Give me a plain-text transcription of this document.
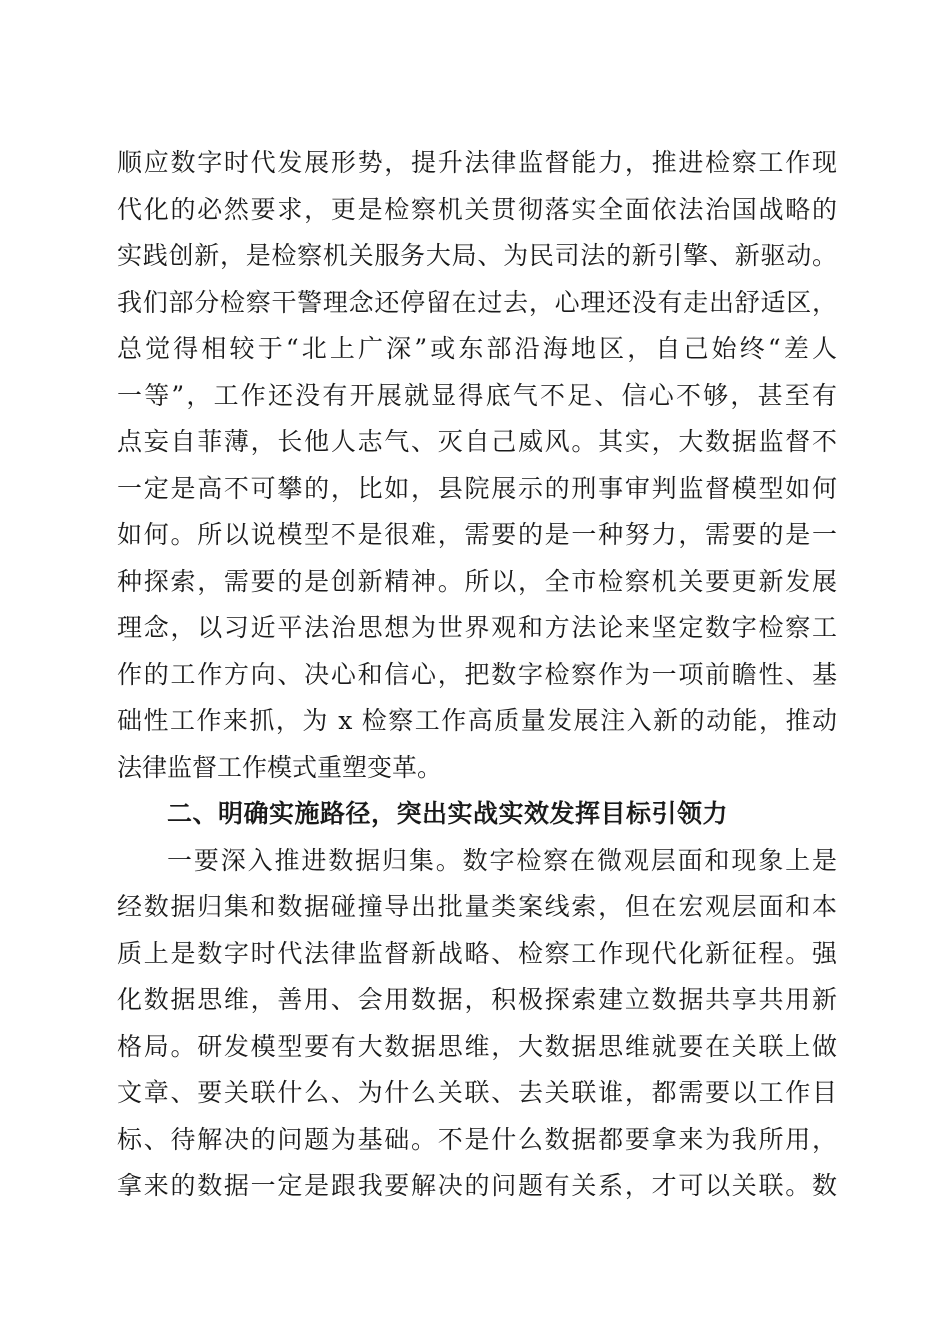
顺应数字时代发展形势，提升法律监督能力，推进检察工作现
代化的必然要求，更是检察机关贯彻落实全面依法治国战略的
实践创新，是检察机关服务大局、为民司法的新引擎、新驱动。
我们部分检察干警理念还停留在过去，心理还没有走出舒适区，
总觉得相较于“北上广深”或东部沿海地区，自己始终“差人
一等”，工作还没有开展就显得底气不足、信心不够，甚至有
点妄自菲薄，长他人志气、灭自己威风。其实，大数据监督不
一定是高不可攀的，比如，县院展示的刑事审判监督模型如何
如何。所以说模型不是很难，需要的是一种努力，需要的是一
种探索，需要的是创新精神。所以，全市检察机关要更新发展
理念，以习近平法治思想为世界观和方法论来坚定数字检察工
作的工作方向、决心和信心，把数字检察作为一项前瞻性、基
础性工作来抓，为 x 检察工作高质量发展注入新的动能，推动
法律监督工作模式重塑变革。
二、明确实施路径，突出实战实效发挥目标引领力
一要深入推进数据归集。数字检察在微观层面和现象上是
经数据归集和数据碰撞导出批量类案线索，但在宏观层面和本
质上是数字时代法律监督新战略、检察工作现代化新征程。强
化数据思维，善用、会用数据，积极探索建立数据共享共用新
格局。研发模型要有大数据思维，大数据思维就要在关联上做
文章、要关联什么、为什么关联、去关联谁，都需要以工作目
标、待解决的问题为基础。不是什么数据都要拿来为我所用，
拿来的数据一定是跟我要解决的问题有关系，才可以关联。数
